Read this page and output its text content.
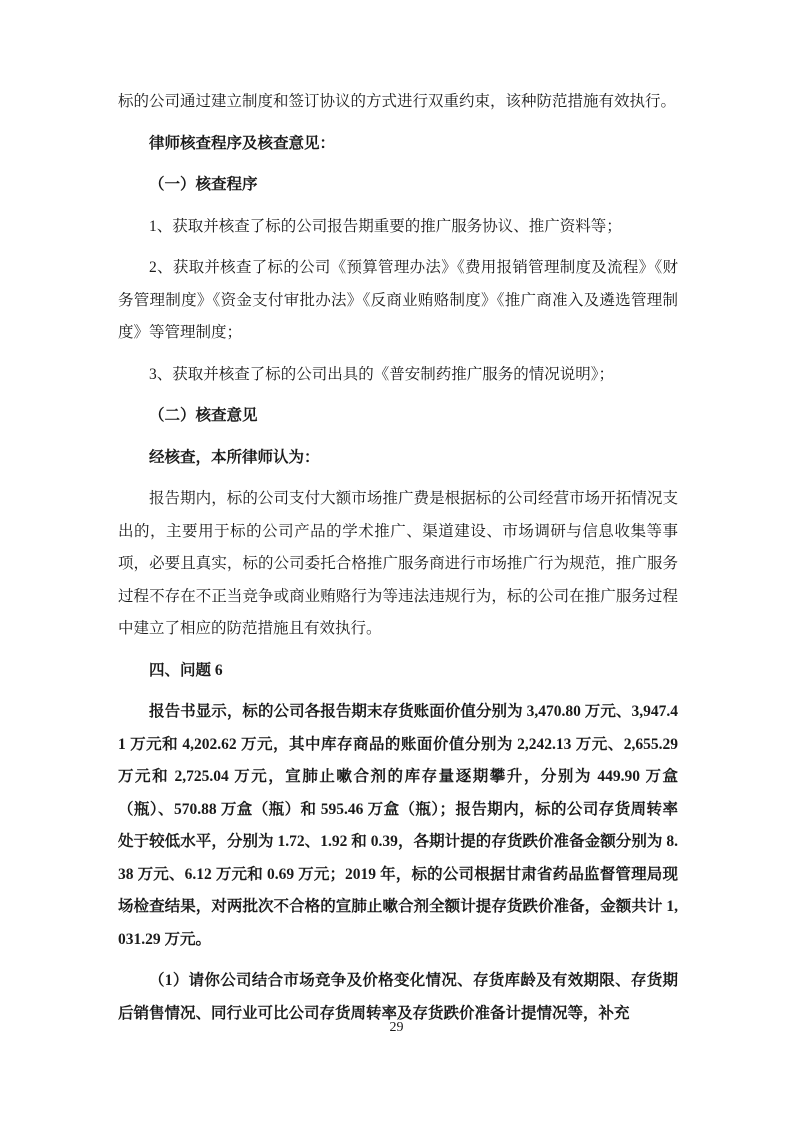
标的公司通过建立制度和签订协议的方式进行双重约束，该种防范措施有效执行。

律师核查程序及核查意见：

（一）核查程序

1、获取并核查了标的公司报告期重要的推广服务协议、推广资料等；

2、获取并核查了标的公司《预算管理办法》《费用报销管理制度及流程》《财务管理制度》《资金支付审批办法》《反商业贿赂制度》《推广商准入及遴选管理制度》等管理制度；

3、获取并核查了标的公司出具的《普安制药推广服务的情况说明》；

（二）核查意见

经核查，本所律师认为：

报告期内，标的公司支付大额市场推广费是根据标的公司经营市场开拓情况支出的，主要用于标的公司产品的学术推广、渠道建设、市场调研与信息收集等事项，必要且真实，标的公司委托合格推广服务商进行市场推广行为规范，推广服务过程不存在不正当竞争或商业贿赂行为等违法违规行为，标的公司在推广服务过程中建立了相应的防范措施且有效执行。

四、问题 6

报告书显示，标的公司各报告期末存货账面价值分别为 3,470.80 万元、3,947.41 万元和 4,202.62 万元，其中库存商品的账面价值分别为 2,242.13 万元、2,655.29 万元和 2,725.04 万元，宣肺止嗽合剂的库存量逐期攀升，分别为 449.90 万盒（瓶）、570.88 万盒（瓶）和 595.46 万盒（瓶）；报告期内，标的公司存货周转率处于较低水平，分别为 1.72、1.92 和 0.39，各期计提的存货跌价准备金额分别为 8.38 万元、6.12 万元和 0.69 万元；2019 年，标的公司根据甘肃省药品监督管理局现场检查结果，对两批次不合格的宣肺止嗽合剂全额计提存货跌价准备，金额共计 1,031.29 万元。

（1）请你公司结合市场竞争及价格变化情况、存货库龄及有效期限、存货期后销售情况、同行业可比公司存货周转率及存货跌价准备计提情况等，补充

29
